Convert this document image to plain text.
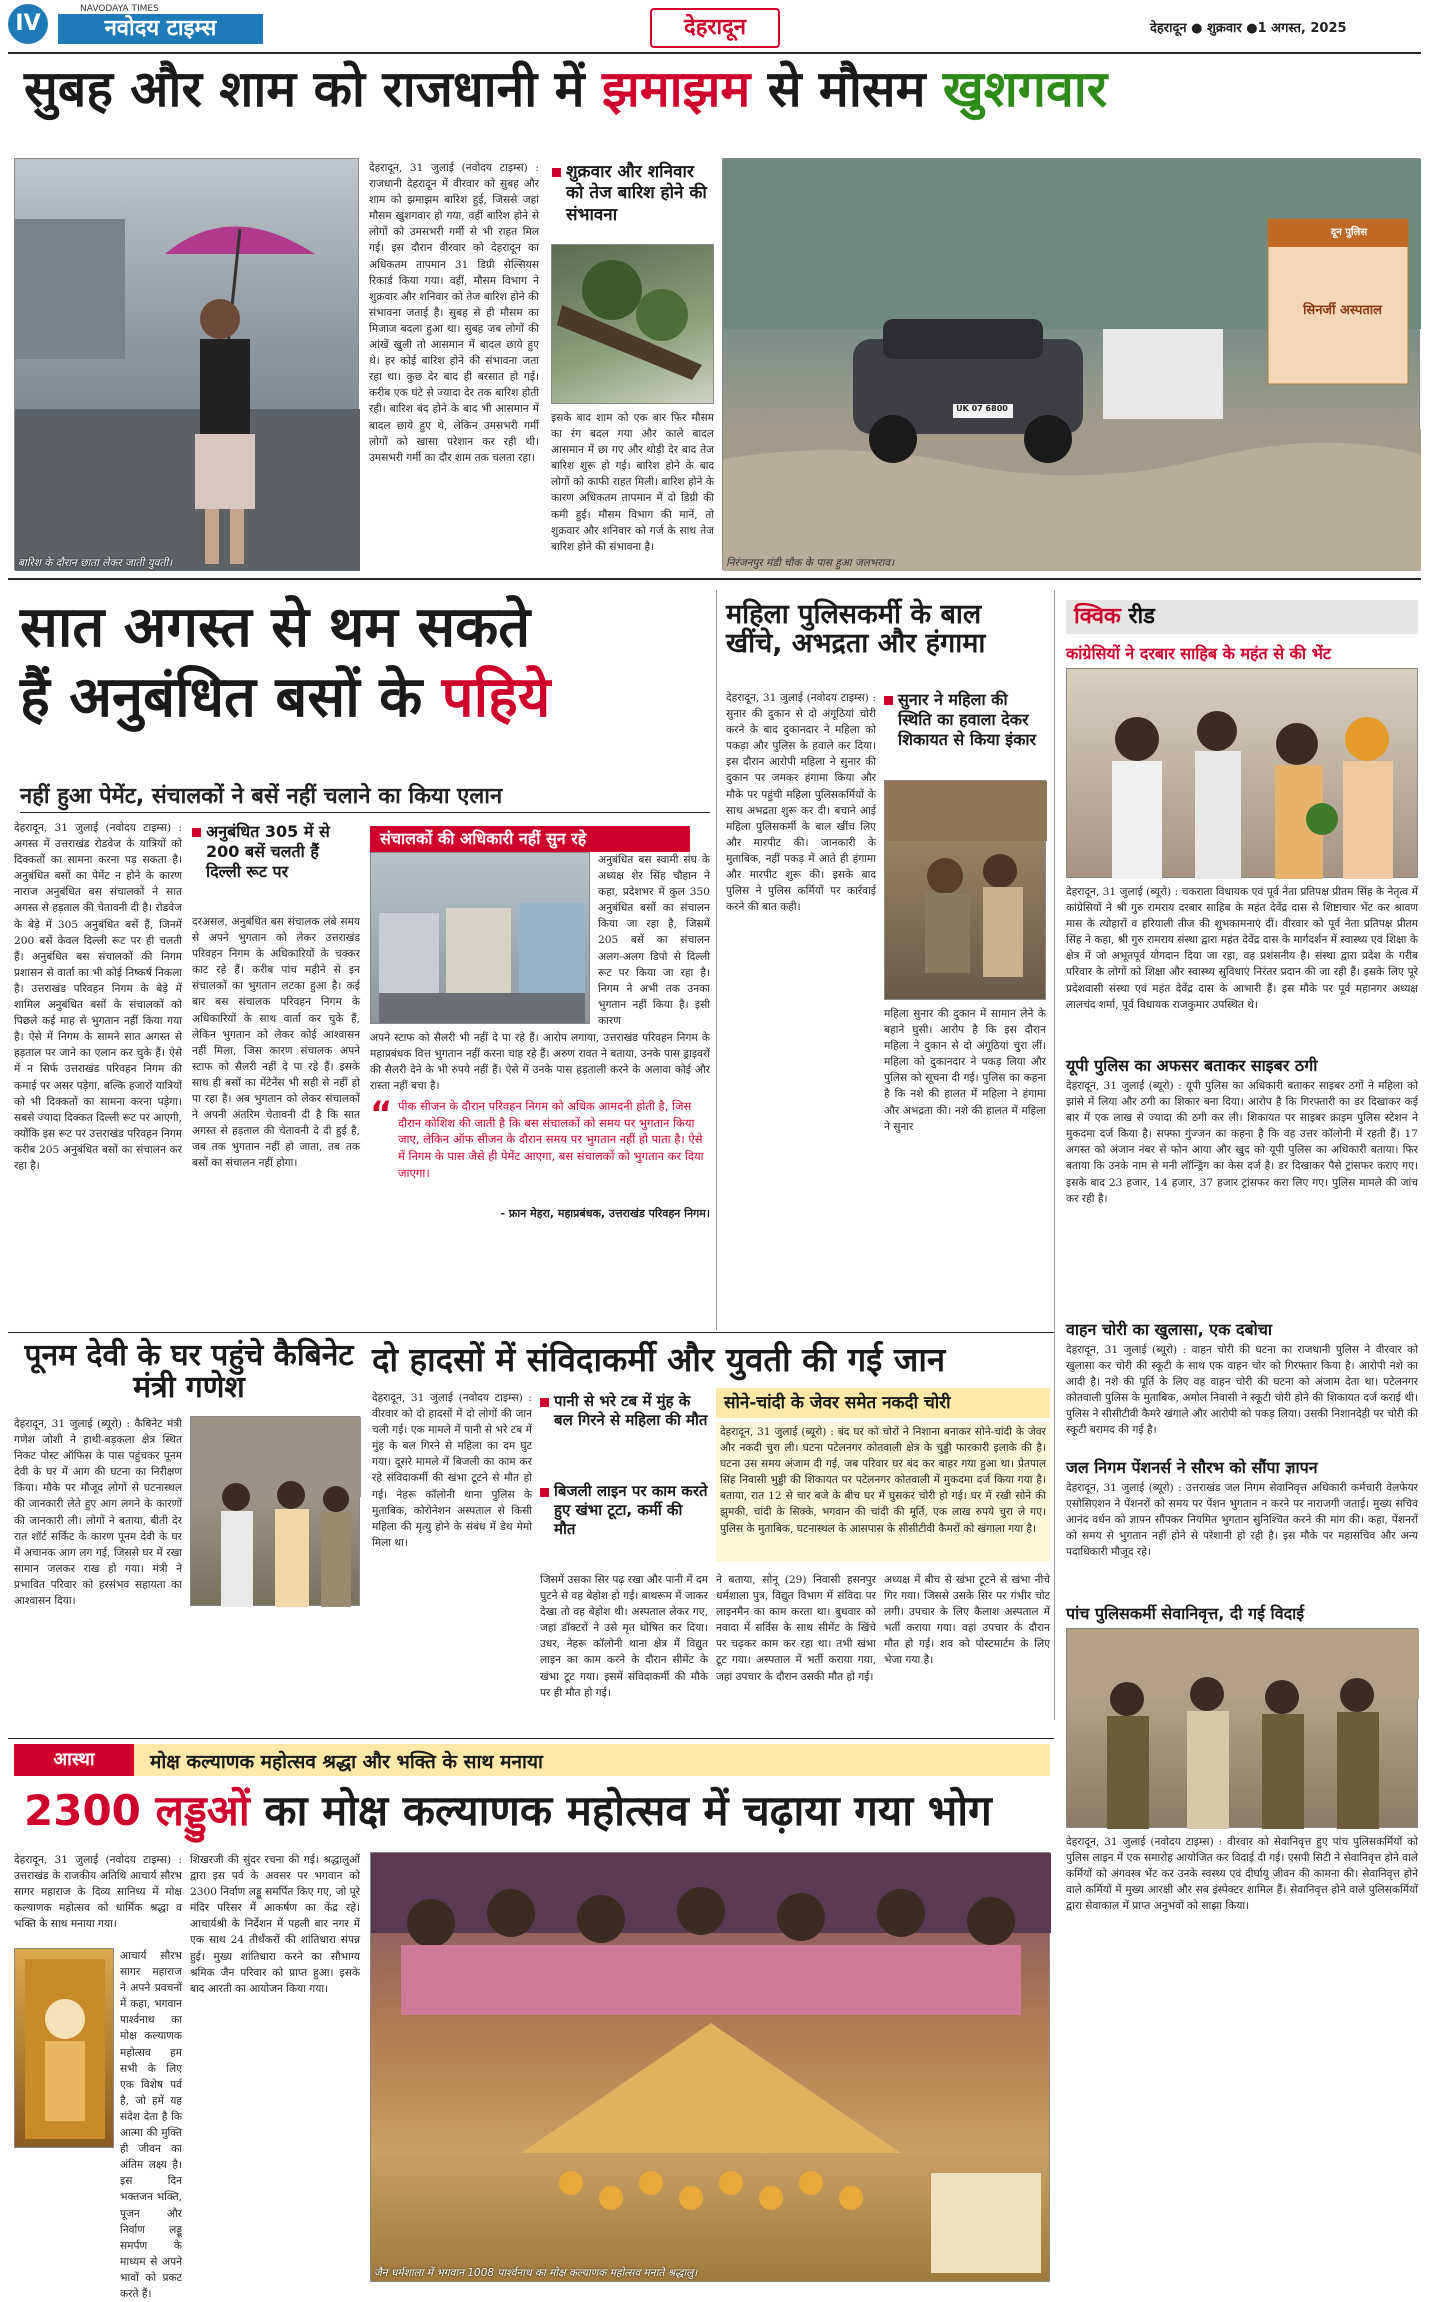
IV
NAVODAYA TIMES
नवोदय टाइम्स	देहरादून	देहरादून ● शुक्रवार ●1 अगस्त, 2025
सुबह और शाम को राजधानी में झमाझम से मौसम खुशगवार
बारिश के दौरान छाता लेकर जाती युवती।
देहरादून, 31 जुलाई (नवोदय टाइम्स) : राजधानी देहरादून में वीरवार को सुबह और शाम को झमाझम बारिश हुई, जिससे जहां मौसम खुशगवार हो गया, वहीं बारिश होने से लोगों को उमसभरी गर्मी से भी राहत मिल गई। इस दौरान वीरवार को देहरादून का अधिकतम तापमान 31 डिग्री सेल्सियस रिकार्ड किया गया। वहीं, मौसम विभाग ने शुक्रवार और शनिवार को तेज बारिश होने की संभावना जताई है। सुबह से ही मौसम का मिजाज बदला हुआ था। सुबह जब लोगों की आंखें खुली तो आसमान में बादल छाये हुए थे। हर कोई बारिश होने की संभावना जता रहा था। कुछ देर बाद ही बरसात हो गई। करीब एक घंटे से ज्यादा देर तक बारिश होती रही। बारिश बंद होने के बाद भी आसमान में बादल छाये हुए थे, लेकिन उमसभरी गर्मी लोगों को खासा परेशान कर रही थी। उमसभरी गर्मी का दौर शाम तक चलता रहा।
शुक्रवार और शनिवार को तेज बारिश होने की संभावना
इसके बाद शाम को एक बार फिर मौसम का रंग बदल गया और काले बादल आसमान में छा गए और थोड़ी देर बाद तेज बारिश शुरू हो गई। बारिश होने के बाद लोगों को काफी राहत मिली। बारिश होने के कारण अधिकतम तापमान में दो डिग्री की कमी हुई। मौसम विभाग की मानें, तो शुक्रवार और शनिवार को गर्ज के साथ तेज बारिश होने की संभावना है।
दून पुलिस
सिनर्जी अस्पताल
UK 07 6800
निरंजनपुर मंडी चौक के पास हुआ जलभराव।
सात अगस्त से थम सकते
हैं अनुबंधित बसों के पहिये
नहीं हुआ पेमेंट, संचालकों ने बसें नहीं चलाने का किया एलान
देहरादून, 31 जुलाई (नवोदय टाइम्स) : अगस्त में उत्तराखंड रोडवेज के यात्रियों को दिक्कतों का सामना करना पड़ सकता है। अनुबंधित बसों का पेमेंट न होने के कारण नाराज अनुबंधित बस संचालकों ने सात अगस्त से हड़ताल की चेतावनी दी है। रोडवेज के बेड़े में 305 अनुबंधित बसें हैं, जिनमें 200 बसें केवल दिल्ली रूट पर ही चलती हैं। अनुबंधित बस संचालकों की निगम प्रशासन से वार्ता का भी कोई निष्कर्ष निकला है। उत्तराखंड परिवहन निगम के बेड़े में शामिल अनुबंधित बसों के संचालकों को पिछले कई माह से भुगतान नहीं किया गया है। ऐसे में निगम के सामने सात अगस्त से हड़ताल पर जाने का एलान कर चुके हैं। ऐसे में न सिर्फ उत्तराखंड परिवहन निगम की कमाई पर असर पड़ेगा, बल्कि हजारों यात्रियों को भी दिक्कतों का सामना करना पड़ेगा। सबसे ज्यादा दिक्कत दिल्ली रूट पर आएगी, क्योंकि इस रूट पर उत्तराखंड परिवहन निगम करीब 205 अनुबंधित बसों का संचालन कर रहा है।
अनुबंधित 305 में से 200 बसें चलती हैं दिल्ली रूट पर
संचालकों की अधिकारी नहीं सुन रहे
अनुबंधित बस स्वामी संघ के अध्यक्ष शेर सिंह चौहान ने कहा, प्रदेशभर में कुल 350 अनुबंधित बसों का संचालन किया जा रहा है, जिसमें 205 बसें का संचालन अलग-अलग डिपो से दिल्ली रूट पर किया जा रहा है। निगम ने अभी तक उनका भुगतान नहीं किया है। इसी कारण
अपने स्टाफ को सैलरी भी नहीं दे पा रहे हैं। आरोप लगाया, उत्तराखंड परिवहन निगम के महाप्रबंधक वित्त भुगतान नहीं करना चाह रहे हैं। अरुण रावत ने बताया, उनके पास ड्राइवरों की सैलरी देने के भी रुपये नहीं हैं। ऐसे में उनके पास हड़ताली करने के अलावा कोई और रास्ता नहीं बचा है।
दरअसल, अनुबंधित बस संचालक लंबे समय से अपने भुगतान को लेकर उत्तराखंड परिवहन निगम के अधिकारियों के चक्कर काट रहे हैं। करीब पांच महीने से इन संचालकों का भुगतान लटका हुआ है। कई बार बस संचालक परिवहन निगम के अधिकारियों के साथ वार्ता कर चुके हैं, लेकिन भुगतान को लेकर कोई आश्वासन नहीं मिला, जिस कारण संचालक अपने स्टाफ को सैलरी नहीं दे पा रहे हैं। इसके साथ ही बसों का मेंटेनेंस भी सही से नहीं हो पा रहा है। अब भुगतान को लेकर संचालकों ने अपनी अंतरिम चेतावनी दी है कि सात अगस्त से हड़ताल की चेतावनी दे दी हुई है, जब तक भुगतान नहीं हो जाता, तब तक बसों का संचालन नहीं होगा।
“ पीक सीजन के दौरान परिवहन निगम को अधिक आमदनी होती है, जिस दौरान कोशिश की जाती है कि बस संचालकों को समय पर भुगतान किया जाए, लेकिन ऑफ सीजन के दौरान समय पर भुगतान नहीं हो पाता है। ऐसे में निगम के पास जैसे ही पेमेंट आएगा, बस संचालकों को भुगतान कर दिया जाएगा।
- फ्रान मेहरा, महाप्रबंधक, उत्तराखंड परिवहन निगम।
महिला पुलिसकर्मी के बाल खींचे, अभद्रता और हंगामा
देहरादून, 31 जुलाई (नवोदय टाइम्स) : सुनार की दुकान से दो अंगूठियां चोरी करने के बाद दुकानदार ने महिला को पकड़ा और पुलिस के हवाले कर दिया। इस दौरान आरोपी महिला ने सुनार की दुकान पर जमकर हंगामा किया और मौके पर पहुंची महिला पुलिसकर्मियों के साथ अभद्रता शुरू कर दी। बचाने आई महिला पुलिसकर्मी के बाल खींच लिए और मारपीट की। जानकारी के मुताबिक, नहीं पकड़ में आते ही हंगामा और मारपीट शुरू की। इसके बाद पुलिस ने पुलिस कर्मियों पर कार्रवाई करने की बात कही।
सुनार ने महिला की स्थिति का हवाला देकर शिकायत से किया इंकार
महिला सुनार की दुकान में सामान लेने के बहाने घुसी। आरोप है कि इस दौरान महिला ने दुकान से दो अंगूठियां चुरा लीं। महिला को दुकानदार ने पकड़ लिया और पुलिस को सूचना दी गई। पुलिस का कहना है कि नशे की हालत में महिला ने हंगामा और अभद्रता की। नशे की हालत में महिला ने सुनार
क्विक रीड
कांग्रेसियों ने दरबार साहिब के महंत से की भेंट
देहरादून, 31 जुलाई (ब्यूरो) : चकराता विधायक एवं पूर्व नेता प्रतिपक्ष प्रीतम सिंह के नेतृत्व में कांग्रेसियों ने श्री गुरु रामराय दरबार साहिब के महंत देवेंद्र दास से शिष्टाचार भेंट कर श्रावण मास के त्योहारों व हरियाली तीज की शुभकामनाएं दीं। वीरवार को पूर्व नेता प्रतिपक्ष प्रीतम सिंह ने कहा, श्री गुरु रामराय संस्था द्वारा महंत देवेंद्र दास के मार्गदर्शन में स्वास्थ्य एवं शिक्षा के क्षेत्र में जो अभूतपूर्व योगदान दिया जा रहा, वह प्रशंसनीय है। संस्था द्वारा प्रदेश के गरीब परिवार के लोगों को शिक्षा और स्वास्थ्य सुविधाएं निरंतर प्रदान की जा रही हैं। इसके लिए पूरे प्रदेशवासी संस्था एवं महंत देवेंद्र दास के आभारी हैं। इस मौके पर पूर्व महानगर अध्यक्ष लालचंद शर्मा, पूर्व विधायक राजकुमार उपस्थित थे।
यूपी पुलिस का अफसर बताकर साइबर ठगी
देहरादून, 31 जुलाई (ब्यूरो) : यूपी पुलिस का अधिकारी बताकर साइबर ठगों ने महिला को झांसे में लिया और ठगी का शिकार बना दिया। आरोप है कि गिरफ्तारी का डर दिखाकर कई बार में एक लाख से ज्यादा की ठगी कर ली। शिकायत पर साइबर क्राइम पुलिस स्टेशन ने मुकदमा दर्ज किया है। सफ्फा गुंज्जन का कहना है कि वह उत्तर कॉलोनी में रहती हैं। 17 अगस्त को अंजान नंबर से फोन आया और खुद को यूपी पुलिस का अधिकारी बताया। फिर बताया कि उनके नाम से मनी लॉन्ड्रिंग का केस दर्ज है। डर दिखाकर पैसे ट्रांसफर कराए गए। इसके बाद 23 हजार, 14 हजार, 37 हजार ट्रांसफर करा लिए गए। पुलिस मामले की जांच कर रही है।
वाहन चोरी का खुलासा, एक दबोचा
देहरादून, 31 जुलाई (ब्यूरो) : वाहन चोरी की घटना का राजधानी पुलिस ने वीरवार को खुलासा कर चोरी की स्कूटी के साथ एक वाहन चोर को गिरफ्तार किया है। आरोपी नशे का आदी है। नशे की पूर्ति के लिए वह वाहन चोरी की घटना को अंजाम देता था। पटेलनगर कोतवाली पुलिस के मुताबिक, अमोल निवासी ने स्कूटी चोरी होने की शिकायत दर्ज कराई थी। पुलिस ने सीसीटीवी कैमरे खंगाले और आरोपी को पकड़ लिया। उसकी निशानदेही पर चोरी की स्कूटी बरामद की गई है।
जल निगम पेंशनर्स ने सौरभ को सौंपा ज्ञापन
देहरादून, 31 जुलाई (ब्यूरो) : उत्तराखंड जल निगम सेवानिवृत्त अधिकारी कर्मचारी वेलफेयर एसोसिएशन ने पेंशनरों को समय पर पेंशन भुगतान न करने पर नाराजगी जताई। मुख्य सचिव आनंद वर्धन को ज्ञापन सौंपकर नियमित भुगतान सुनिश्चित करने की मांग की। कहा, पेंशनरों को समय से भुगतान नहीं होने से परेशानी हो रही है। इस मौके पर महासचिव और अन्य पदाधिकारी मौजूद रहे।
पांच पुलिसकर्मी सेवानिवृत्त, दी गई विदाई
देहरादून, 31 जुलाई (नवोदय टाइम्स) : वीरवार को सेवानिवृत्त हुए पांच पुलिसकर्मियों को पुलिस लाइन में एक समारोह आयोजित कर विदाई दी गई। एसपी सिटी ने सेवानिवृत्त होने वाले कर्मियों को अंगवस्त्र भेंट कर उनके स्वस्थ्य एवं दीर्घायु जीवन की कामना की। सेवानिवृत्त होने वाले कर्मियों में मुख्य आरक्षी और सब इंस्पेक्टर शामिल हैं। सेवानिवृत्त होने वाले पुलिसकर्मियों द्वारा सेवाकाल में प्राप्त अनुभवों को साझा किया।
पूनम देवी के घर पहुंचे कैबिनेट मंत्री गणेश
देहरादून, 31 जुलाई (ब्यूरो) : कैबिनेट मंत्री गणेश जोशी ने हाथी-बड़कला क्षेत्र स्थित निकट पोस्ट ऑफिस के पास पहुंचकर पूनम देवी के घर में आग की घटना का निरीक्षण किया। मौके पर मौजूद लोगों से घटनास्थल की जानकारी लेते हुए आग लगने के कारणों की जानकारी ली। लोगों ने बताया, बीती देर रात शॉर्ट सर्किट के कारण पूनम देवी के घर में अचानक आग लग गई, जिससे घर में रखा सामान जलकर राख हो गया। मंत्री ने प्रभावित परिवार को हरसंभव सहायता का आश्वासन दिया।
दो हादसों में संविदाकर्मी और युवती की गई जान
देहरादून, 31 जुलाई (नवोदय टाइम्स) : वीरवार को दो हादसों में दो लोगों की जान चली गई। एक मामले में पानी से भरे टब में मुंह के बल गिरने से महिला का दम घुट गया। दूसरे मामले में बिजली का काम कर रहे संविदाकर्मी की खंभा टूटने से मौत हो गई। नेहरू कॉलोनी थाना पुलिस के मुताबिक, कोरोनेशन अस्पताल से किसी महिला की मृत्यु होने के संबंध में डेथ मेमो मिला था।
पानी से भरे टब में मुंह के बल गिरने से महिला की मौत
बिजली लाइन पर काम करते हुए खंभा टूटा, कर्मी की मौत
जिसमें उसका सिर पढ़ रखा और पानी में दम घुटने से वह बेहोश हो गई। बाथरूम में जाकर देखा तो वह बेहोश थी। अस्पताल लेकर गए, जहां डॉक्टरों ने उसे मृत घोषित कर दिया। उधर, नेहरू कॉलोनी थाना क्षेत्र में विद्युत लाइन का काम करने के दौरान सीमेंट के खंभा टूट गया। इसमें संविदाकर्मी की मौके पर ही मौत हो गई।
सोने-चांदी के जेवर समेत नकदी चोरी
देहरादून, 31 जुलाई (ब्यूरो) : बंद घर को चोरों ने निशाना बनाकर सोने-चांदी के जेवर और नकदी चुरा ली। घटना पटेलनगर कोतवाली क्षेत्र के चुड्डी फारकारी इलाके की है। घटना उस समय अंजाम दी गई, जब परिवार घर बंद कर बाहर गया हुआ था। प्रेतपाल सिंह निवासी भुड्डी की शिकायत पर पटेलनगर कोतवाली में मुकदमा दर्ज किया गया है। बताया, रात 12 से चार बजे के बीच घर में घुसकर चोरी हो गई। घर में रखी सोने की झुमकी, चांदी के सिक्के, भगवान की चांदी की मूर्ति, एक लाख रुपये चुरा ले गए। पुलिस के मुताबिक, घटनास्थल के आसपास के सीसीटीवी कैमरों को खंगाला गया है।
ने बताया, सोनू (29) निवासी हसनपुर धर्मशाला पुत्र, विद्युत विभाग में संविदा पर लाइनमैन का काम करता था। बुधवार को नवादा में सर्विस के साथ सीमेंट के खिंचे पर चढ़कर काम कर रहा था। तभी खंभा टूट गया। अस्पताल में भर्ती कराया गया, जहां उपचार के दौरान उसकी मौत हो गई।
अध्यक्ष में बीच से खंभा टूटने से खंभा नीचे गिर गया। जिससे उसके सिर पर गंभीर चोट लगी। उपचार के लिए कैलाश अस्पताल में भर्ती कराया गया। वहां उपचार के दौरान मौत हो गई। शव को पोस्टमार्टम के लिए भेजा गया है।
आस्था	मोक्ष कल्याणक महोत्सव श्रद्धा और भक्ति के साथ मनाया
2300 लड्डुओं का मोक्ष कल्याणक महोत्सव में चढ़ाया गया भोग
देहरादून, 31 जुलाई (नवोदय टाइम्स) : उत्तराखंड के राजकीय अतिथि आचार्य सौरभ सागर महाराज के दिव्य सानिध्य में मोक्ष कल्याणक महोत्सव को धार्मिक श्रद्धा व भक्ति के साथ मनाया गया।
आचार्य सौरभ सागर महाराज ने अपने प्रवचनों में कहा, भगवान पार्श्वनाथ का मोक्ष कल्याणक महोत्सव हम सभी के लिए एक विशेष पर्व है, जो हमें यह संदेश देता है कि आत्मा की मुक्ति ही जीवन का अंतिम लक्ष्य है। इस दिन भक्तजन भक्ति, पूजन और निर्वाण लड्डू समर्पण के माध्यम से अपने भावों को प्रकट करते हैं।
शिखरजी की सुंदर रचना की गई। श्रद्धालुओं द्वारा इस पर्व के अवसर पर भगवान को 2300 निर्वाण लड्डू समर्पित किए गए, जो पूरे मंदिर परिसर में आकर्षण का केंद्र रहे। आचार्यश्री के निर्देशन में पहली बार नगर में एक साथ 24 तीर्थंकरों की शांतिधारा संपन्न हुई। मुख्य शांतिधारा करने का सौभाग्य श्रमिक जैन परिवार को प्राप्त हुआ। इसके बाद आरती का आयोजन किया गया।
जैन धर्मशाला में भगवान 1008 पार्श्वनाथ का मोक्ष कल्याणक महोत्सव मनाते श्रद्धालु।
